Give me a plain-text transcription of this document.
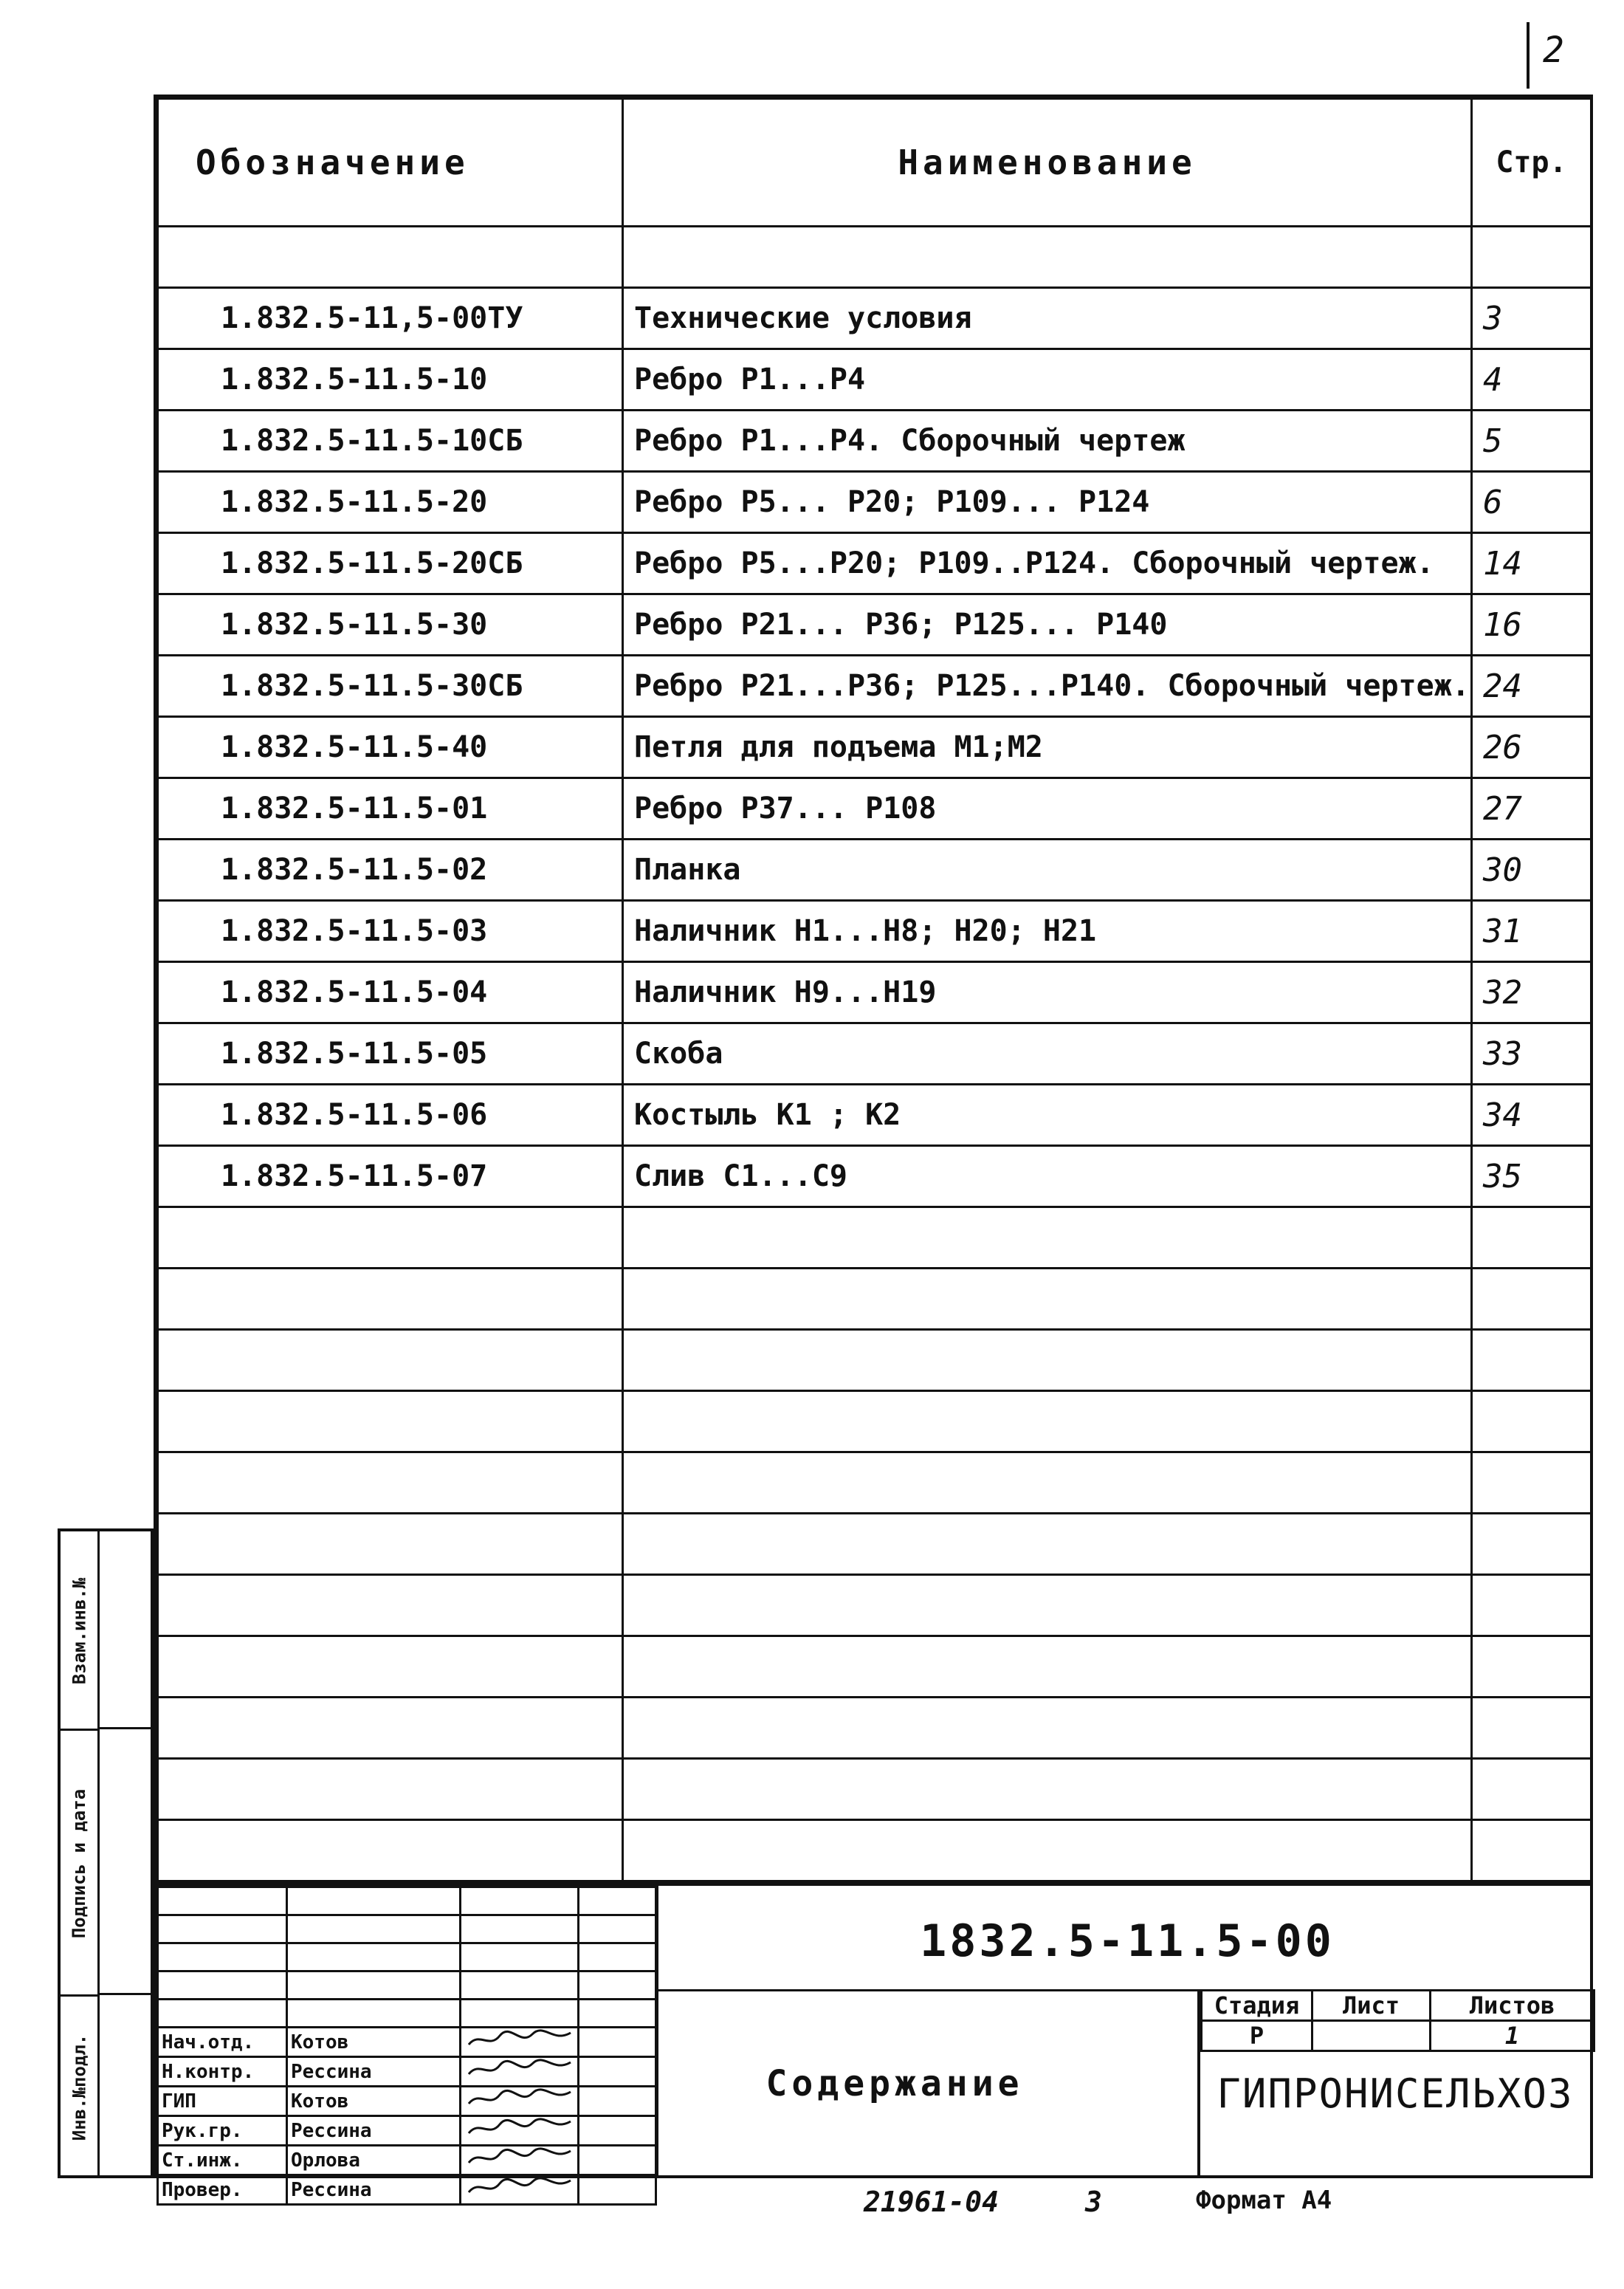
2
Обозначение	Наименование	Стр.

1.832.5-11,5-00ТУ	Технические условия	3
1.832.5-11.5-10	Ребро Р1...Р4	4
1.832.5-11.5-10СБ	Ребро Р1...Р4. Сборочный чертеж	5
1.832.5-11.5-20	Ребро Р5... Р20; Р109... Р124	6
1.832.5-11.5-20СБ	Ребро Р5...Р20; Р109..Р124. Сборочный чертеж.	14
1.832.5-11.5-30	Ребро Р21... Р36; Р125... Р140	16
1.832.5-11.5-30СБ	Ребро Р21...Р36; Р125...Р140. Сборочный чертеж.	24
1.832.5-11.5-40	Петля для подъема М1;М2	26
1.832.5-11.5-01	Ребро Р37... Р108	27
1.832.5-11.5-02	Планка	30
1.832.5-11.5-03	Наличник Н1...Н8; Н20; Н21	31
1.832.5-11.5-04	Наличник Н9...Н19	32
1.832.5-11.5-05	Скоба	33
1.832.5-11.5-06	Костыль К1 ; К2	34
1.832.5-11.5-07	Слив С1...С9	35

Взам.инв.№
Подпись и дата
Инв.№подл.

				Нач.отд.	Котов		
Н.контр.	Рессина		
ГИП	Котов		
Рук.гр.	Рессина		
Ст.инж.	Орлова		
Провер.	Рессина		
1832.5-11.5-00
Содержание
Стадия	Лист	Листов
Р		1
ГИПРОНИСЕЛЬХОЗ
21961-04	3	Формат А4
